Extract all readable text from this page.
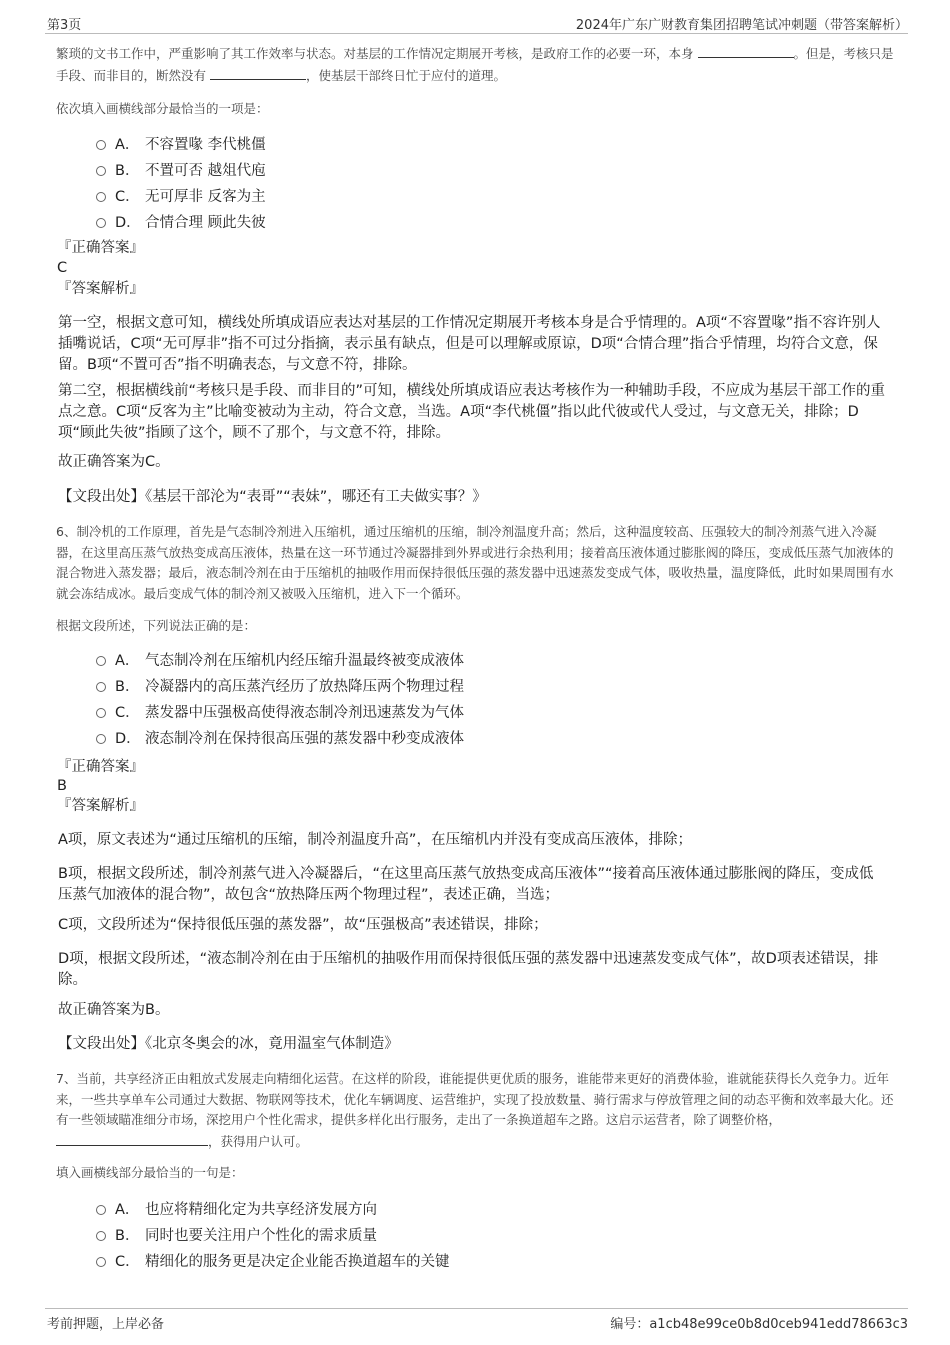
第3页	2024年广东广财教育集团招聘笔试冲刺题（带答案解析）

繁琐的文书工作中，严重影响了其工作效率与状态。对基层的工作情况定期展开考核，是政府工作的必要一环，本身	。但是，考核只是手段、而非目的，断然没有	，使基层干部终日忙于应付的道理。

依次填入画横线部分最恰当的一项是：

A． 不容置喙 李代桃僵
B． 不置可否 越俎代庖
C． 无可厚非 反客为主
D． 合情合理 顾此失彼
『正确答案』
C
『答案解析』

第一空，根据文意可知，横线处所填成语应表达对基层的工作情况定期展开考核本身是合乎情理的。A项“不容置喙”指不容许别人插嘴说话，C项“无可厚非”指不可过分指摘，表示虽有缺点，但是可以理解或原谅，D项“合情合理”指合乎情理，均符合文意，保留。B项“不置可否”指不明确表态，与文意不符，排除。

第二空，根据横线前“考核只是手段、而非目的”可知，横线处所填成语应表达考核作为一种辅助手段，不应成为基层干部工作的重点之意。C项“反客为主”比喻变被动为主动，符合文意，当选。A项“李代桃僵”指以此代彼或代人受过，与文意无关，排除；D项“顾此失彼”指顾了这个，顾不了那个，与文意不符，排除。

故正确答案为C。

【文段出处】《基层干部沦为“表哥”“表妹”，哪还有工夫做实事？》

6、制冷机的工作原理，首先是气态制冷剂进入压缩机，通过压缩机的压缩，制冷剂温度升高；然后，这种温度较高、压强较大的制冷剂蒸气进入冷凝器，在这里高压蒸气放热变成高压液体，热量在这一环节通过冷凝器排到外界或进行余热利用；接着高压液体通过膨胀阀的降压，变成低压蒸气加液体的混合物进入蒸发器；最后，液态制冷剂在由于压缩机的抽吸作用而保持很低压强的蒸发器中迅速蒸发变成气体，吸收热量，温度降低，此时如果周围有水就会冻结成冰。最后变成气体的制冷剂又被吸入压缩机，进入下一个循环。

根据文段所述，下列说法正确的是：

A． 气态制冷剂在压缩机内经压缩升温最终被变成液体
B． 冷凝器内的高压蒸汽经历了放热降压两个物理过程
C． 蒸发器中压强极高使得液态制冷剂迅速蒸发为气体
D． 液态制冷剂在保持很高压强的蒸发器中秒变成液体
『正确答案』
B
『答案解析』

A项，原文表述为“通过压缩机的压缩，制冷剂温度升高”，在压缩机内并没有变成高压液体，排除；

B项，根据文段所述，制冷剂蒸气进入冷凝器后，“在这里高压蒸气放热变成高压液体”“接着高压液体通过膨胀阀的降压，变成低压蒸气加液体的混合物”，故包含“放热降压两个物理过程”，表述正确，当选；

C项，文段所述为“保持很低压强的蒸发器”，故“压强极高”表述错误，排除；

D项，根据文段所述，“液态制冷剂在由于压缩机的抽吸作用而保持很低压强的蒸发器中迅速蒸发变成气体”，故D项表述错误，排除。

故正确答案为B。

【文段出处】《北京冬奥会的冰，竟用温室气体制造》

7、当前，共享经济正由粗放式发展走向精细化运营。在这样的阶段，谁能提供更优质的服务，谁能带来更好的消费体验，谁就能获得长久竞争力。近年来，一些共享单车公司通过大数据、物联网等技术，优化车辆调度、运营维护，实现了投放数量、骑行需求与停放管理之间的动态平衡和效率最大化。还有一些领域瞄准细分市场，深挖用户个性化需求，提供多样化出行服务，走出了一条换道超车之路。这启示运营者，除了调整价格， ，获得用户认可。

填入画横线部分最恰当的一句是：

A． 也应将精细化定为共享经济发展方向
B． 同时也要关注用户个性化的需求质量
C． 精细化的服务更是决定企业能否换道超车的关键
考前押题，上岸必备	编号：a1cb48e99ce0b8d0ceb941edd78663c3
